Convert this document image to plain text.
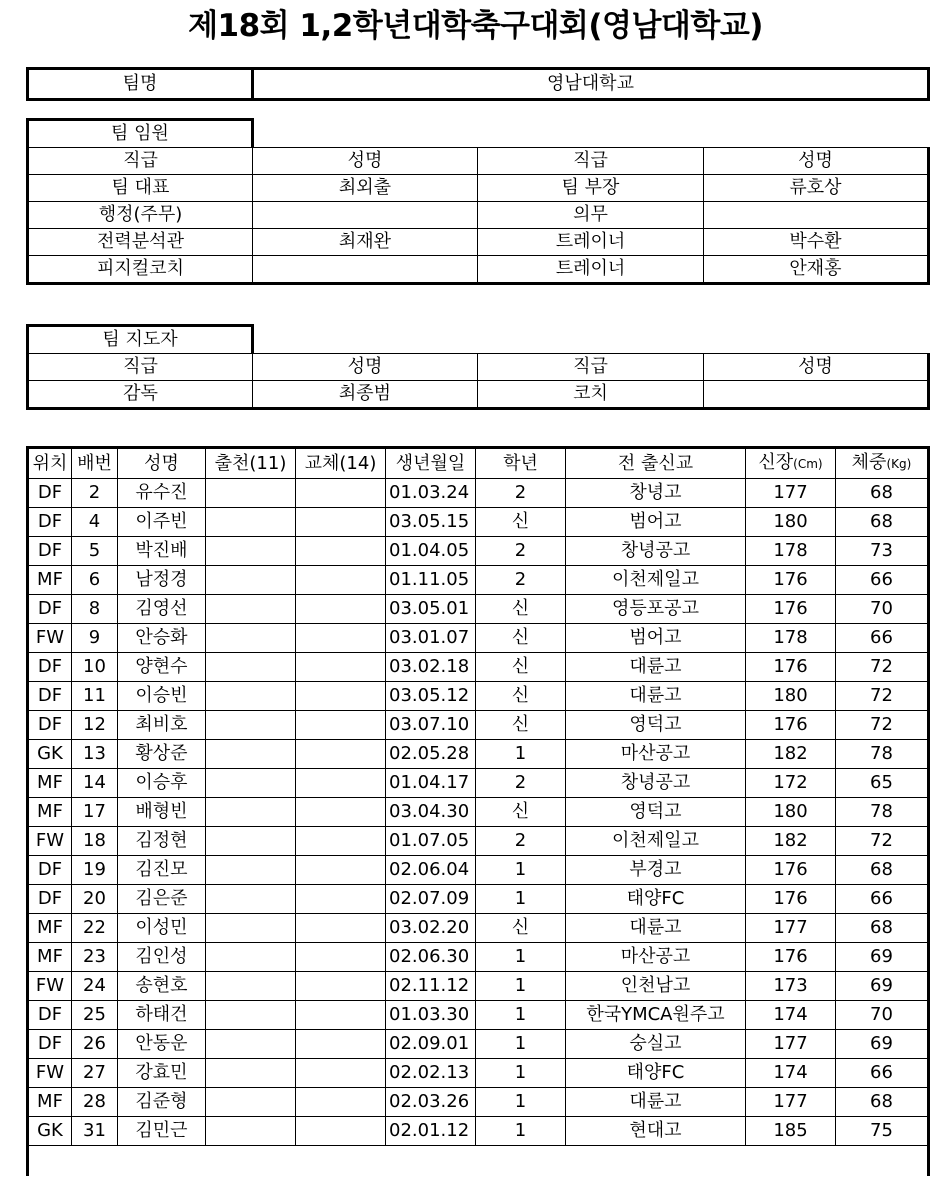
제18회 1,2학년대학축구대회(영남대학교)
팀명	영남대학교
팀 임원			
직급	성명	직급	성명
팀 대표	최외출	팀 부장	류호상
행정(주무)		의무	
전력분석관	최재완	트레이너	박수환
피지컬코치		트레이너	안재홍
팀 지도자			
직급	성명	직급	성명
감독	최종범	코치	
위치	배번	성명	출천(11)	교체(14)	생년월일	학년	전 출신교	신장(Cm)	체중(Kg)
DF	2	유수진			01.03.24	2	창녕고	177	68
DF	4	이주빈			03.05.15	신	범어고	180	68
DF	5	박진배			01.04.05	2	창녕공고	178	73
MF	6	남정경			01.11.05	2	이천제일고	176	66
DF	8	김영선			03.05.01	신	영등포공고	176	70
FW	9	안승화			03.01.07	신	범어고	178	66
DF	10	양현수			03.02.18	신	대륜고	176	72
DF	11	이승빈			03.05.12	신	대륜고	180	72
DF	12	최비호			03.07.10	신	영덕고	176	72
GK	13	황상준			02.05.28	1	마산공고	182	78
MF	14	이승후			01.04.17	2	창녕공고	172	65
MF	17	배형빈			03.04.30	신	영덕고	180	78
FW	18	김정현			01.07.05	2	이천제일고	182	72
DF	19	김진모			02.06.04	1	부경고	176	68
DF	20	김은준			02.07.09	1	태양FC	176	66
MF	22	이성민			03.02.20	신	대륜고	177	68
MF	23	김인성			02.06.30	1	마산공고	176	69
FW	24	송현호			02.11.12	1	인천남고	173	69
DF	25	하태건			01.03.30	1	한국YMCA원주고	174	70
DF	26	안동운			02.09.01	1	숭실고	177	69
FW	27	강효민			02.02.13	1	태양FC	174	66
MF	28	김준형			02.03.26	1	대륜고	177	68
GK	31	김민근			02.01.12	1	현대고	185	75
